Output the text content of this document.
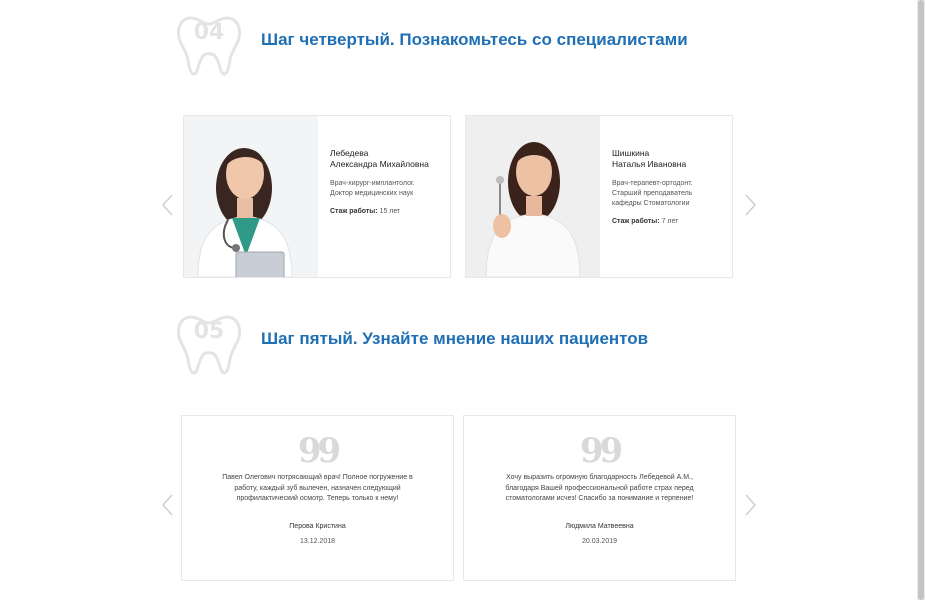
04	Шаг четвертый. Познакомьтесь со специалистами
Лебедева
Александра Михайловна
Врач-хирург-имплантолог.
Доктор медицинских наук
Стаж работы: 15 лет
Шишкина
Наталья Ивановна
Врач-терапевт-ортодонт.
Старший преподаватель
кафедры Стоматологии
Стаж работы: 7 лет
05	Шаг пятый. Узнайте мнение наших пациентов
99
Павел Олегович потрясающий врач! Полное погружение в
работу, каждый зуб вылечен, назначен следующий
профилактический осмотр. Теперь только к нему!
Перова Кристина
13.12.2018
99
Хочу выразить огромную благодарность Лебедевой А.М.,
благодаря Вашей профессиональной работе страх перед
стоматологами исчез! Спасибо за понимание и терпение!
Людмила Матвеевна
20.03.2019
